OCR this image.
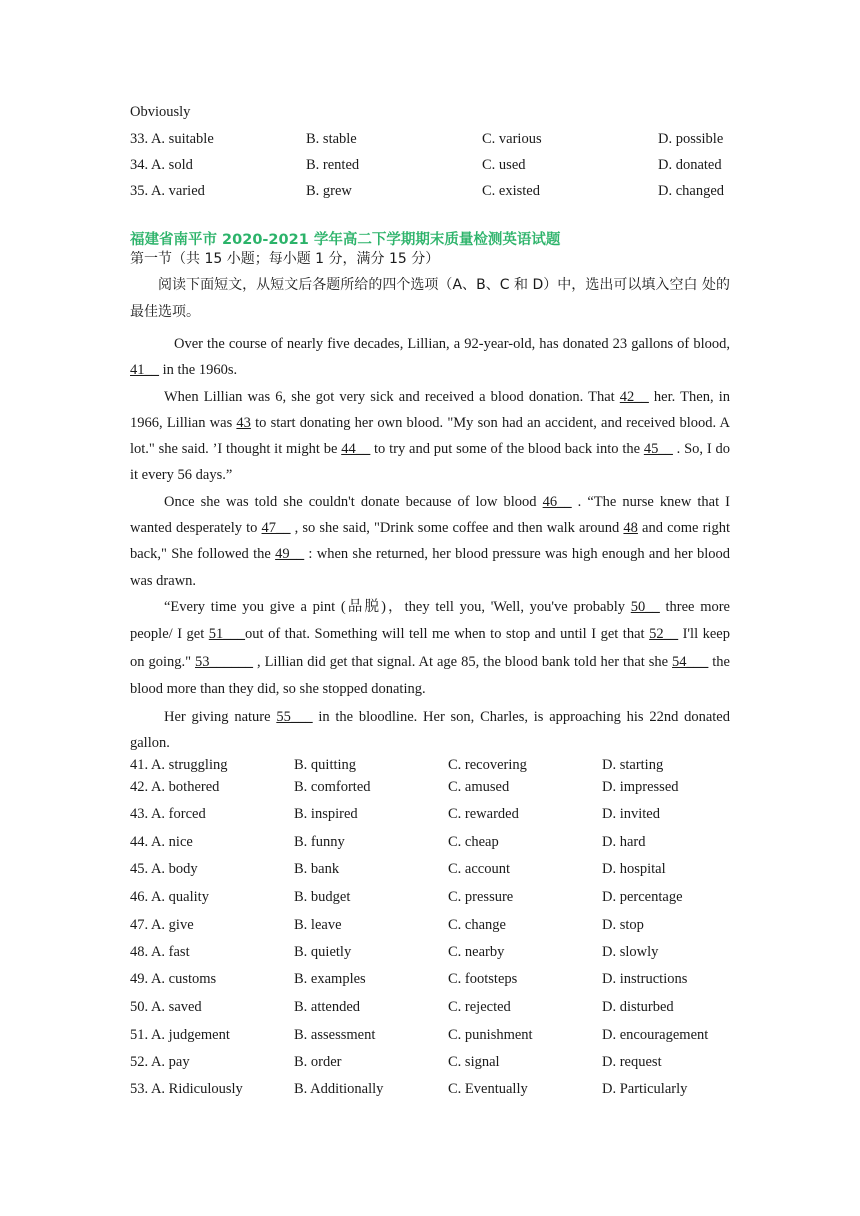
Obviously
33. A. suitable	B. stable	C. various	D. possible
34. A. sold	B. rented	C. used	D. donated
35. A. varied	B. grew	C. existed	D. changed
福建省南平市 2020-2021 学年高二下学期期末质量检测英语试题
第一节（共 15 小题；每小题 1 分，满分 15 分）
阅读下面短文，从短文后各题所给的四个选项（A、B、C 和 D）中，选出可以填入空白 处的最佳选项。

Over the course of nearly five decades, Lillian, a 92-year-old, has donated 23 gallons of blood, 41__ in the 1960s.

When Lillian was 6, she got very sick and received a blood donation. That 42__ her. Then, in 1966, Lillian was 43 to start donating her own blood. "My son had an accident, and received blood. A lot." she said. ’I thought it might be 44__ to try and put some of the blood back into the 45__ . So, I do it every 56 days.”

Once she was told she couldn't donate because of low blood 46__ . “The nurse knew that I wanted desperately to 47__ , so she said, "Drink some coffee and then walk around 48 and come right back," She followed the 49__ : when she returned, her blood pressure was high enough and her blood was drawn.

“Every time you give a pint (品脱)，they tell you, 'Well, you've probably 50__ three more people/ I get 51___out of that. Something will tell me when to stop and until I get that 52__ I'll keep on going." 53______ , Lillian did get that signal. At age 85, the blood bank told her that she 54___ the blood more than they did, so she stopped donating.

Her giving nature 55___ in the bloodline. Her son, Charles, is approaching his 22nd donated gallon.

41. A. struggling	B. quitting	C. recovering	D. starting
42. A. bothered	B. comforted	C. amused	D. impressed
43. A. forced	B. inspired	C. rewarded	D. invited
44. A. nice	B. funny	C. cheap	D. hard
45. A. body	B. bank	C. account	D. hospital
46. A. quality	B. budget	C. pressure	D. percentage
47. A. give	B. leave	C. change	D. stop
48. A. fast	B. quietly	C. nearby	D. slowly
49. A. customs	B. examples	C. footsteps	D. instructions
50. A. saved	B. attended	C. rejected	D. disturbed
51. A. judgement	B. assessment	C. punishment	D. encouragement
52. A. pay	B. order	C. signal	D. request
53. A. Ridiculously	B. Additionally	C. Eventually	D. Particularly
